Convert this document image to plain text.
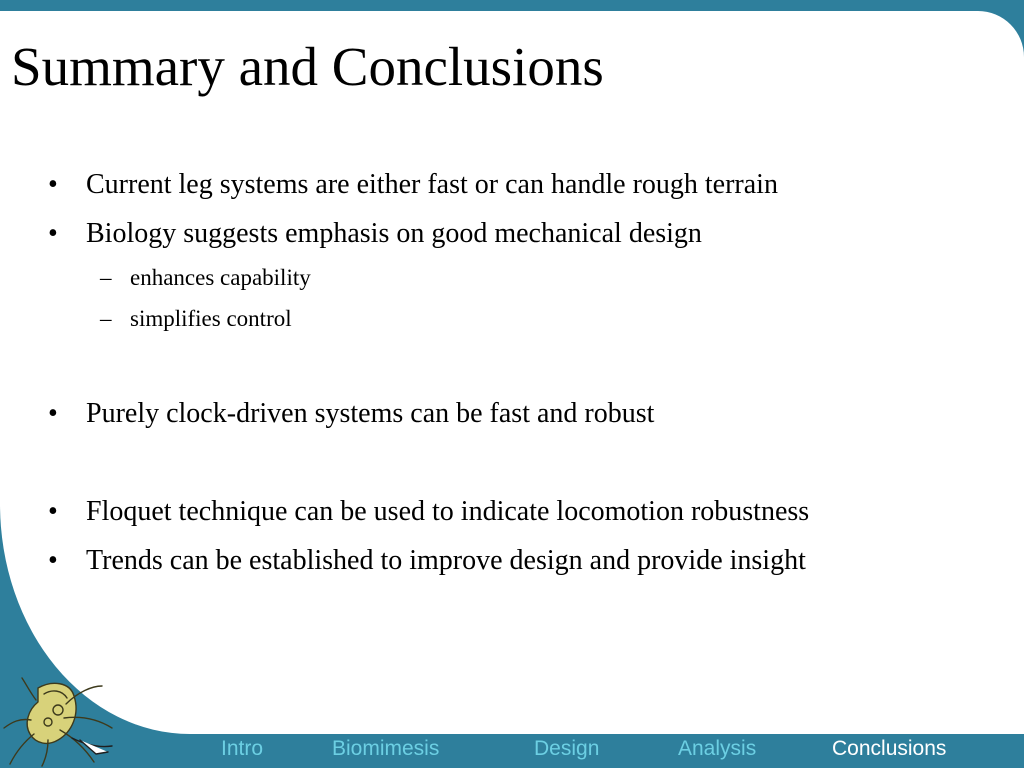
Summary and Conclusions
•	Current leg systems are either fast or can handle rough terrain
•	Biology suggests emphasis on good mechanical design
– enhances capability
– simplifies control
•	Purely clock-driven systems can be fast and robust
•	Floquet technique can be used to indicate locomotion robustness
•	Trends can be established to improve design and provide insight
Intro	Biomimesis	Design	Analysis	Conclusions
